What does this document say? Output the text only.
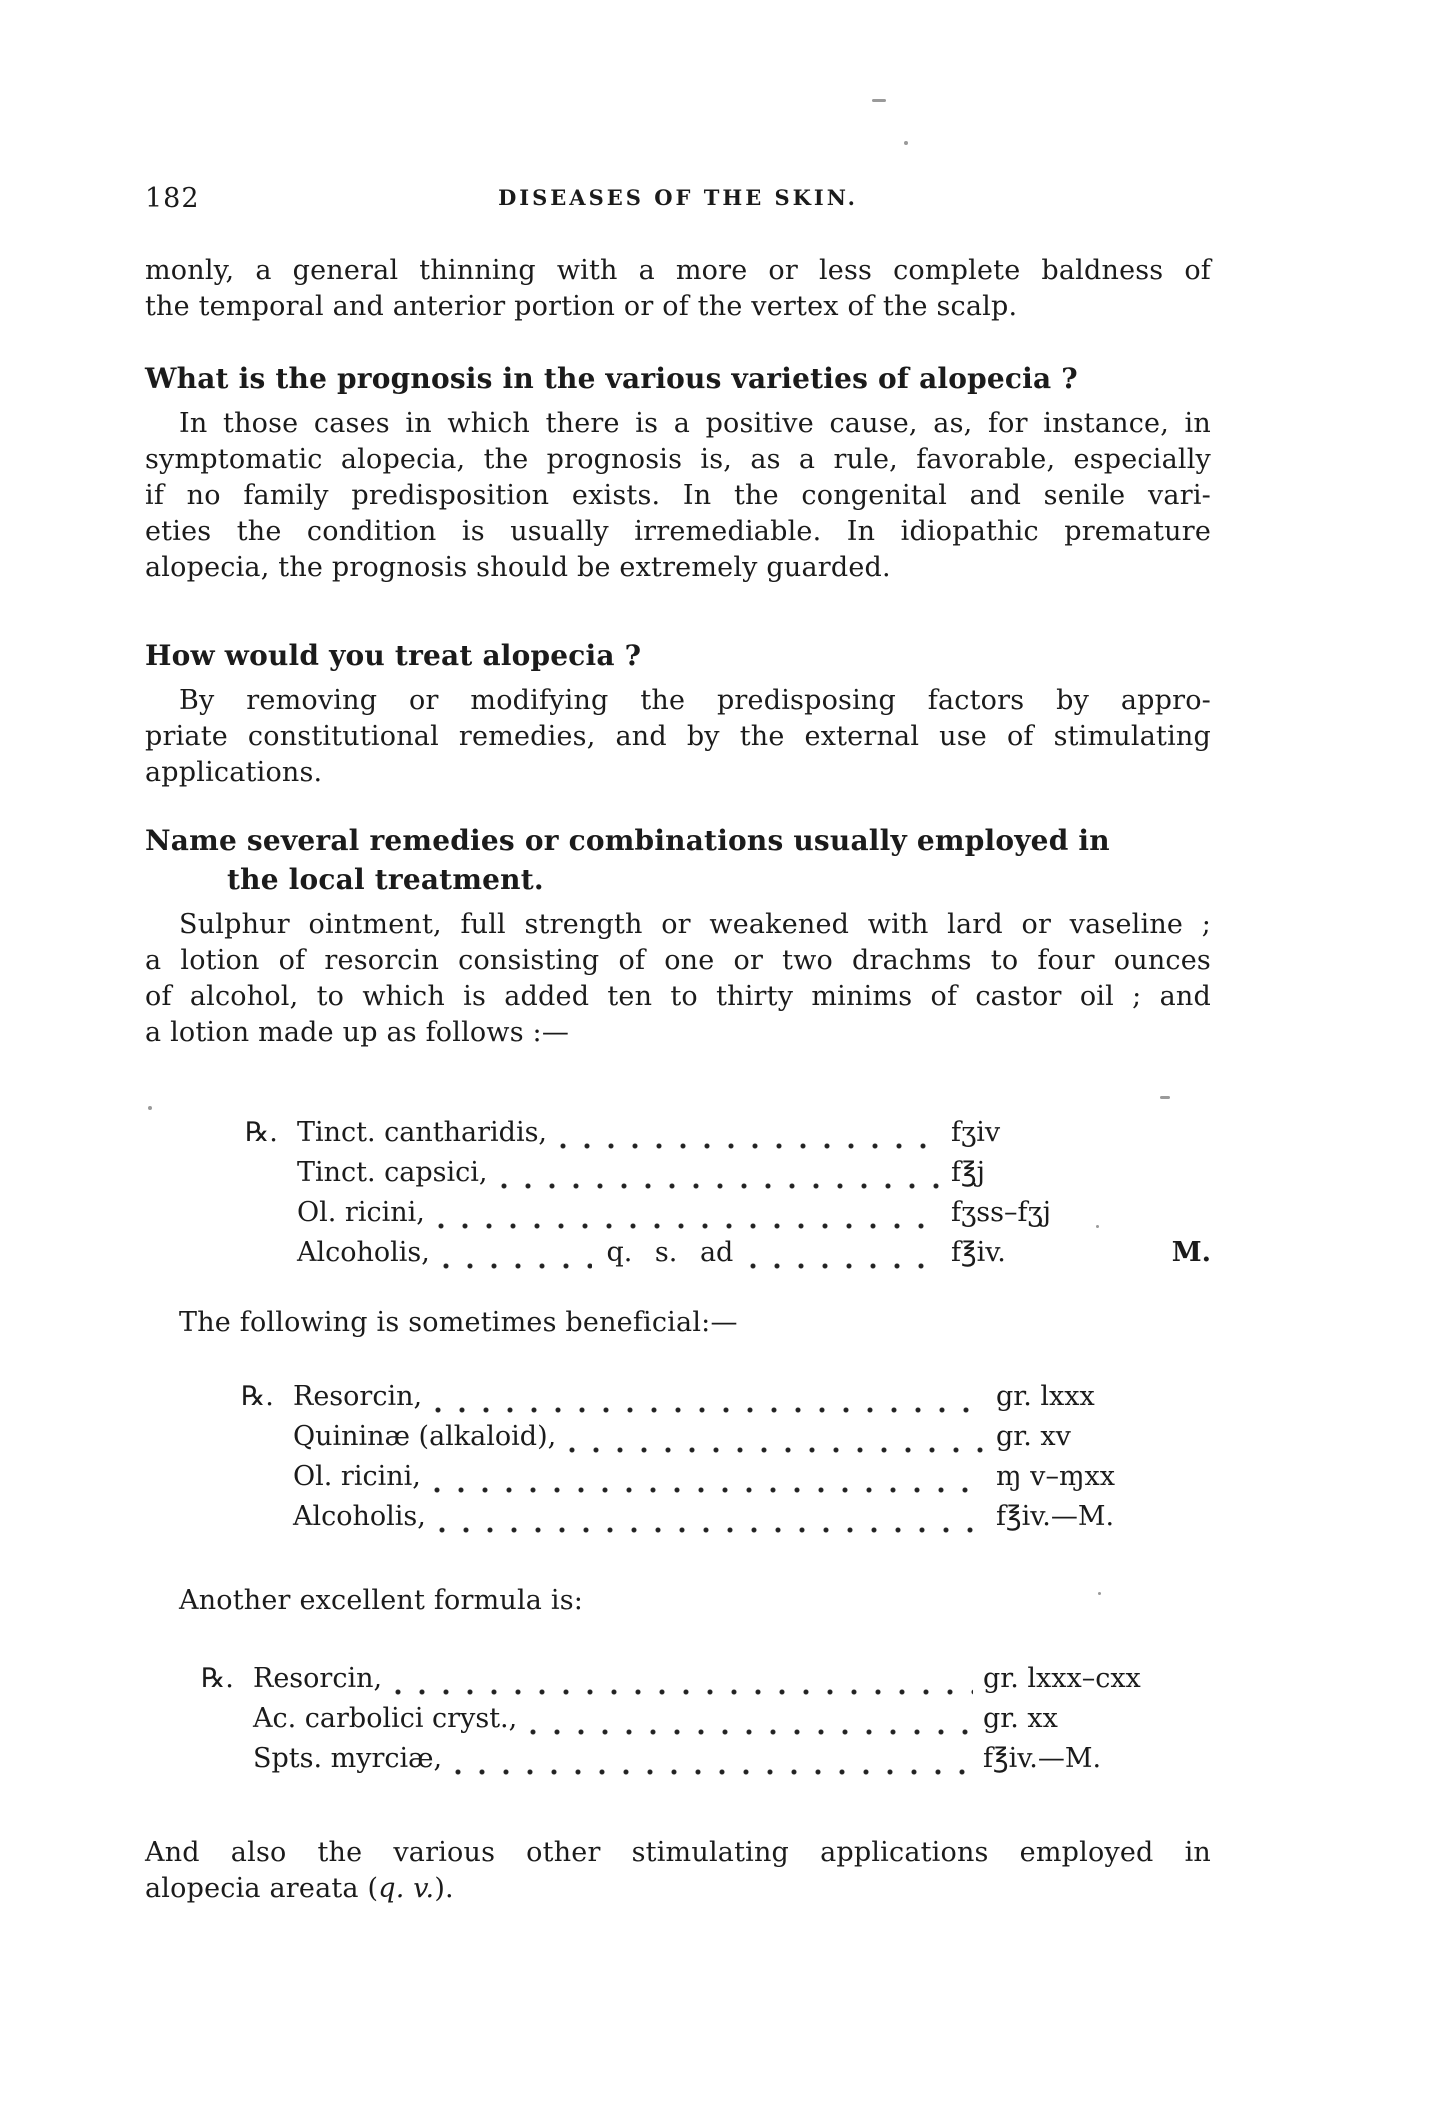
182	DISEASES OF THE SKIN.
monly, a general thinning with a more or less complete baldness of
the temporal and anterior portion or of the vertex of the scalp.
What is the prognosis in the various varieties of alopecia ?
In those cases in which there is a positive cause, as, for instance, in
symptomatic alopecia, the prognosis is, as a rule, favorable, especially
if no family predisposition exists. In the congenital and senile vari-
eties the condition is usually irremediable. In idiopathic premature
alopecia, the prognosis should be extremely guarded.
How would you treat alopecia ?
By removing or modifying the predisposing factors by appro-
priate constitutional remedies, and by the external use of stimulating
applications.
Name several remedies or combinations usually employed in
the local treatment.
Sulphur ointment, full strength or weakened with lard or vaseline ;
a lotion of resorcin consisting of one or two drachms to four ounces
of alcohol, to which is added ten to thirty minims of castor oil ; and
a lotion made up as follows :—
℞. Tinct. cantharidis,	fʒiv
Tinct. capsici,	f℥j
Ol. ricini,	fʒss–fʒj
Alcoholis,	q. s. ad	f℥iv.	M.
The following is sometimes beneficial:—
℞. Resorcin,	gr. lxxx
Quininæ (alkaloid),	gr. xv
Ol. ricini,	ɱ v–ɱxx
Alcoholis,	f℥iv.—M.
Another excellent formula is:
℞. Resorcin,	gr. lxxx–cxx
Ac. carbolici cryst.,	gr. xx
Spts. myrciæ,	f℥iv.—M.
And also the various other stimulating applications employed in
alopecia areata (q. v.).
